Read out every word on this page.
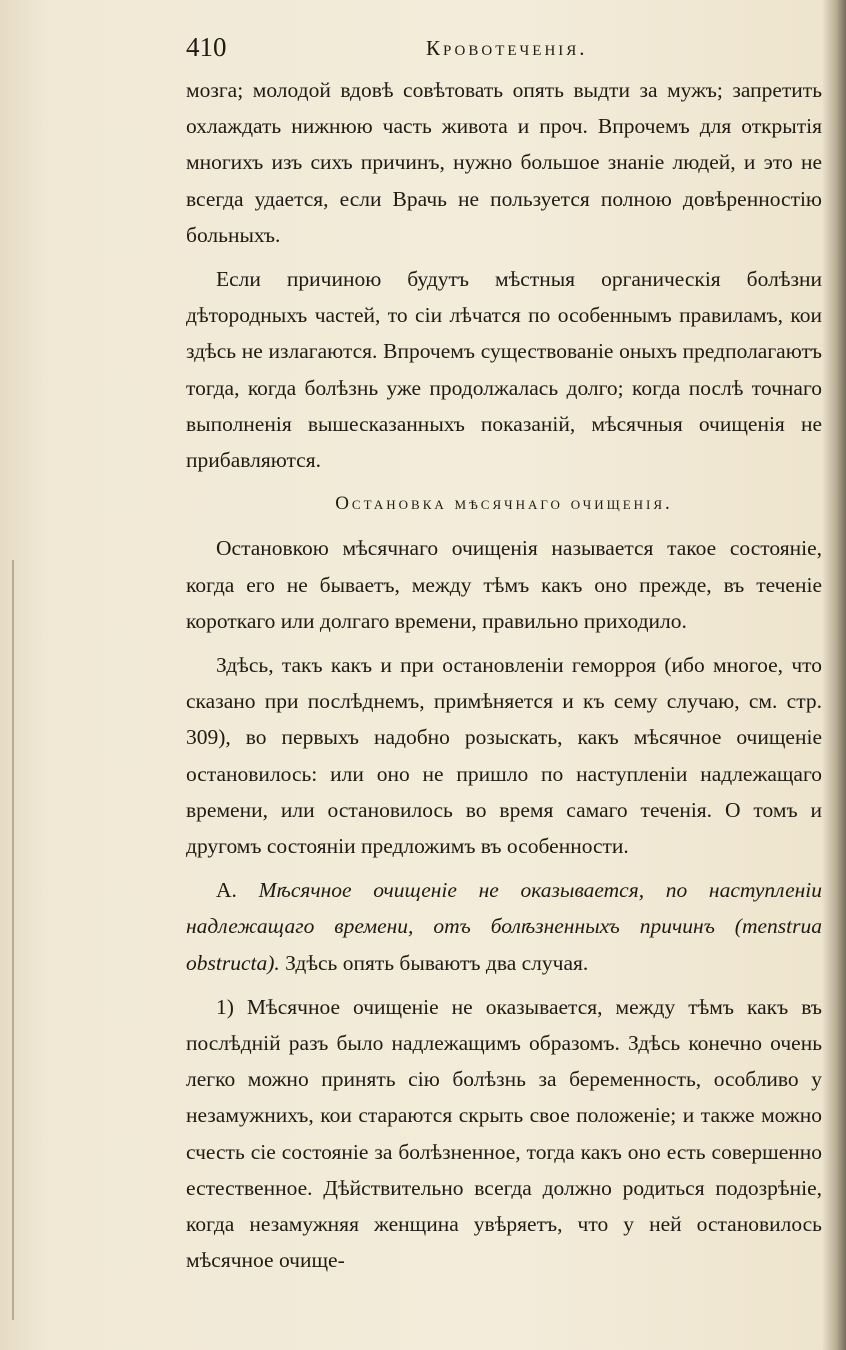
410	Кровотеченія.

мозга; молодой вдовѣ совѣтовать опять выдти за мужъ; запретить охлаждать нижнюю часть живота и проч. Впрочемъ для открытія многихъ изъ сихъ причинъ, нужно большое знаніе людей, и это не всегда удается, если Врачь не пользуется полною довѣренностію больныхъ.

Если причиною будутъ мѣстныя органическія болѣзни дѣтородныхъ частей, то сіи лѣчатся по особеннымъ правиламъ, кои здѣсь не излагаются. Впрочемъ существованіе оныхъ предполагаютъ тогда, когда болѣзнь уже продолжалась долго; когда послѣ точнаго выполненія вышесказанныхъ показаній, мѣсячныя очищенія не прибавляются.

Остановка мѣсячнаго очищенія.

Остановкою мѣсячнаго очищенія называется такое состояніе, когда его не бываетъ, между тѣмъ какъ оно прежде, въ теченіе короткаго или долгаго времени, правильно приходило.

Здѣсь, такъ какъ и при остановленіи геморроя (ибо многое, что сказано при послѣднемъ, примѣняется и къ сему случаю, см. стр. 309), во первыхъ надобно розыскать, какъ мѣсячное очищеніе остановилось: или оно не пришло по наступленіи надлежащаго времени, или остановилось во время самаго теченія. О томъ и другомъ состояніи предложимъ въ особенности.

А. Мѣсячное очищеніе не оказывается, по наступленіи надлежащаго времени, отъ болѣзненныхъ причинъ (menstrua obstructa). Здѣсь опять бываютъ два случая.

1) Мѣсячное очищеніе не оказывается, между тѣмъ какъ въ послѣдній разъ было надлежащимъ образомъ. Здѣсь конечно очень легко можно принять сію болѣзнь за беременность, особливо у незамужнихъ, кои стараются скрыть свое положеніе; и также можно счесть сіе состояніе за болѣзненное, тогда какъ оно есть совершенно естественное. Дѣйствительно всегда должно родиться подозрѣніе, когда незамужняя женщина увѣряетъ, что у ней остановилось мѣсячное очище-
